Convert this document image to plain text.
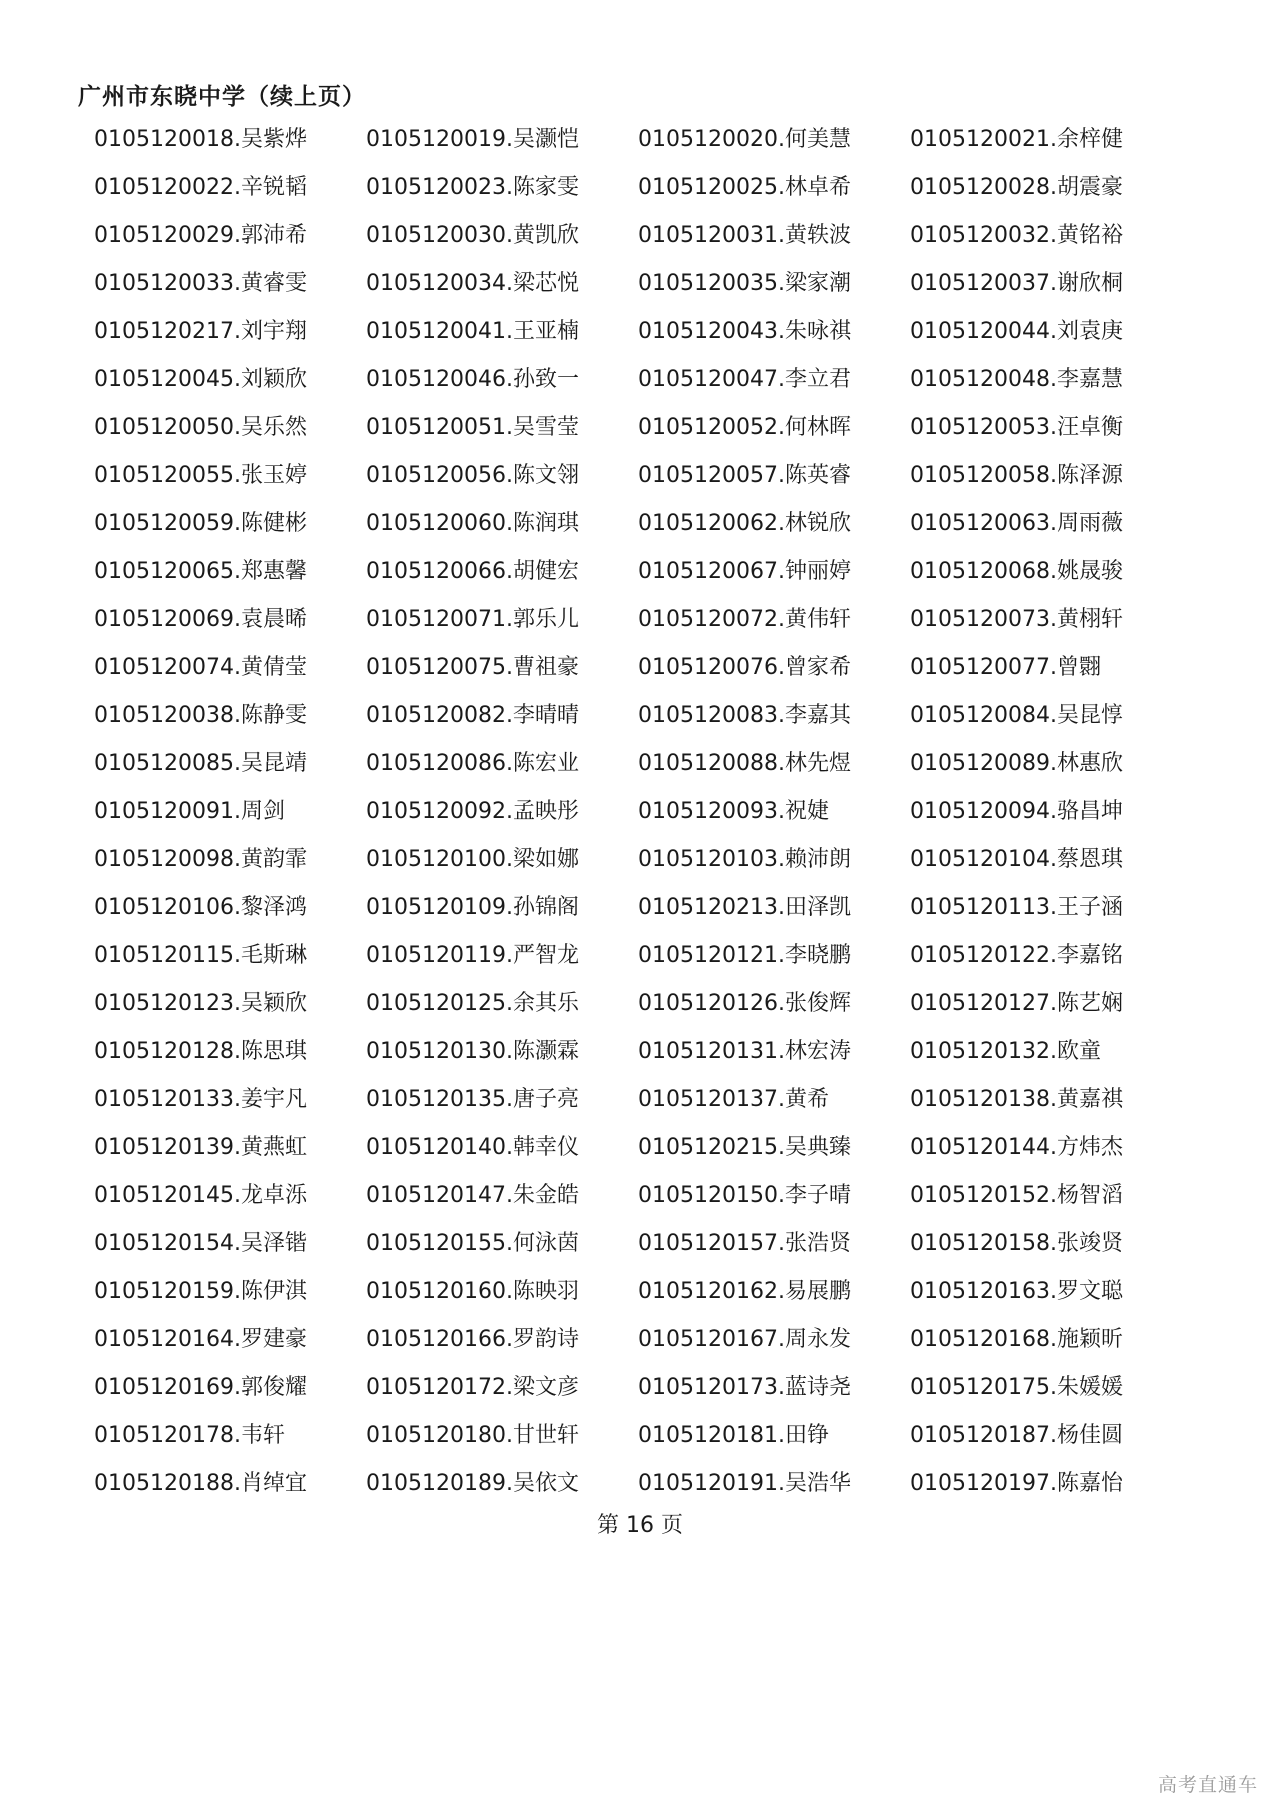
广州市东晓中学（续上页）
0105120018.吴紫烨	0105120019.吴灏恺	0105120020.何美慧	0105120021.余梓健
0105120022.辛锐韬	0105120023.陈家雯	0105120025.林卓希	0105120028.胡震豪
0105120029.郭沛希	0105120030.黄凯欣	0105120031.黄轶波	0105120032.黄铭裕
0105120033.黄睿雯	0105120034.梁芯悦	0105120035.梁家潮	0105120037.谢欣桐
0105120217.刘宇翔	0105120041.王亚楠	0105120043.朱咏祺	0105120044.刘袁庚
0105120045.刘颖欣	0105120046.孙致一	0105120047.李立君	0105120048.李嘉慧
0105120050.吴乐然	0105120051.吴雪莹	0105120052.何林晖	0105120053.汪卓衡
0105120055.张玉婷	0105120056.陈文翎	0105120057.陈英睿	0105120058.陈泽源
0105120059.陈健彬	0105120060.陈润琪	0105120062.林锐欣	0105120063.周雨薇
0105120065.郑惠馨	0105120066.胡健宏	0105120067.钟丽婷	0105120068.姚晟骏
0105120069.袁晨晞	0105120071.郭乐儿	0105120072.黄伟轩	0105120073.黄栩轩
0105120074.黄倩莹	0105120075.曹祖豪	0105120076.曾家希	0105120077.曾翾
0105120038.陈静雯	0105120082.李晴晴	0105120083.李嘉其	0105120084.吴昆惇
0105120085.吴昆靖	0105120086.陈宏业	0105120088.林先煜	0105120089.林惠欣
0105120091.周剑	0105120092.孟映彤	0105120093.祝婕	0105120094.骆昌坤
0105120098.黄韵霏	0105120100.梁如娜	0105120103.赖沛朗	0105120104.蔡恩琪
0105120106.黎泽鸿	0105120109.孙锦阁	0105120213.田泽凯	0105120113.王子涵
0105120115.毛斯琳	0105120119.严智龙	0105120121.李晓鹏	0105120122.李嘉铭
0105120123.吴颖欣	0105120125.余其乐	0105120126.张俊辉	0105120127.陈艺娴
0105120128.陈思琪	0105120130.陈灏霖	0105120131.林宏涛	0105120132.欧童
0105120133.姜宇凡	0105120135.唐子亮	0105120137.黄希	0105120138.黄嘉祺
0105120139.黄燕虹	0105120140.韩幸仪	0105120215.吴典臻	0105120144.方炜杰
0105120145.龙卓泺	0105120147.朱金皓	0105120150.李子晴	0105120152.杨智滔
0105120154.吴泽锴	0105120155.何泳茵	0105120157.张浩贤	0105120158.张竣贤
0105120159.陈伊淇	0105120160.陈映羽	0105120162.易展鹏	0105120163.罗文聪
0105120164.罗建豪	0105120166.罗韵诗	0105120167.周永发	0105120168.施颖昕
0105120169.郭俊耀	0105120172.梁文彦	0105120173.蓝诗尧	0105120175.朱媛媛
0105120178.韦轩	0105120180.甘世轩	0105120181.田铮	0105120187.杨佳圆
0105120188.肖绰宜	0105120189.吴依文	0105120191.吴浩华	0105120197.陈嘉怡
第 16 页
高考直通车
